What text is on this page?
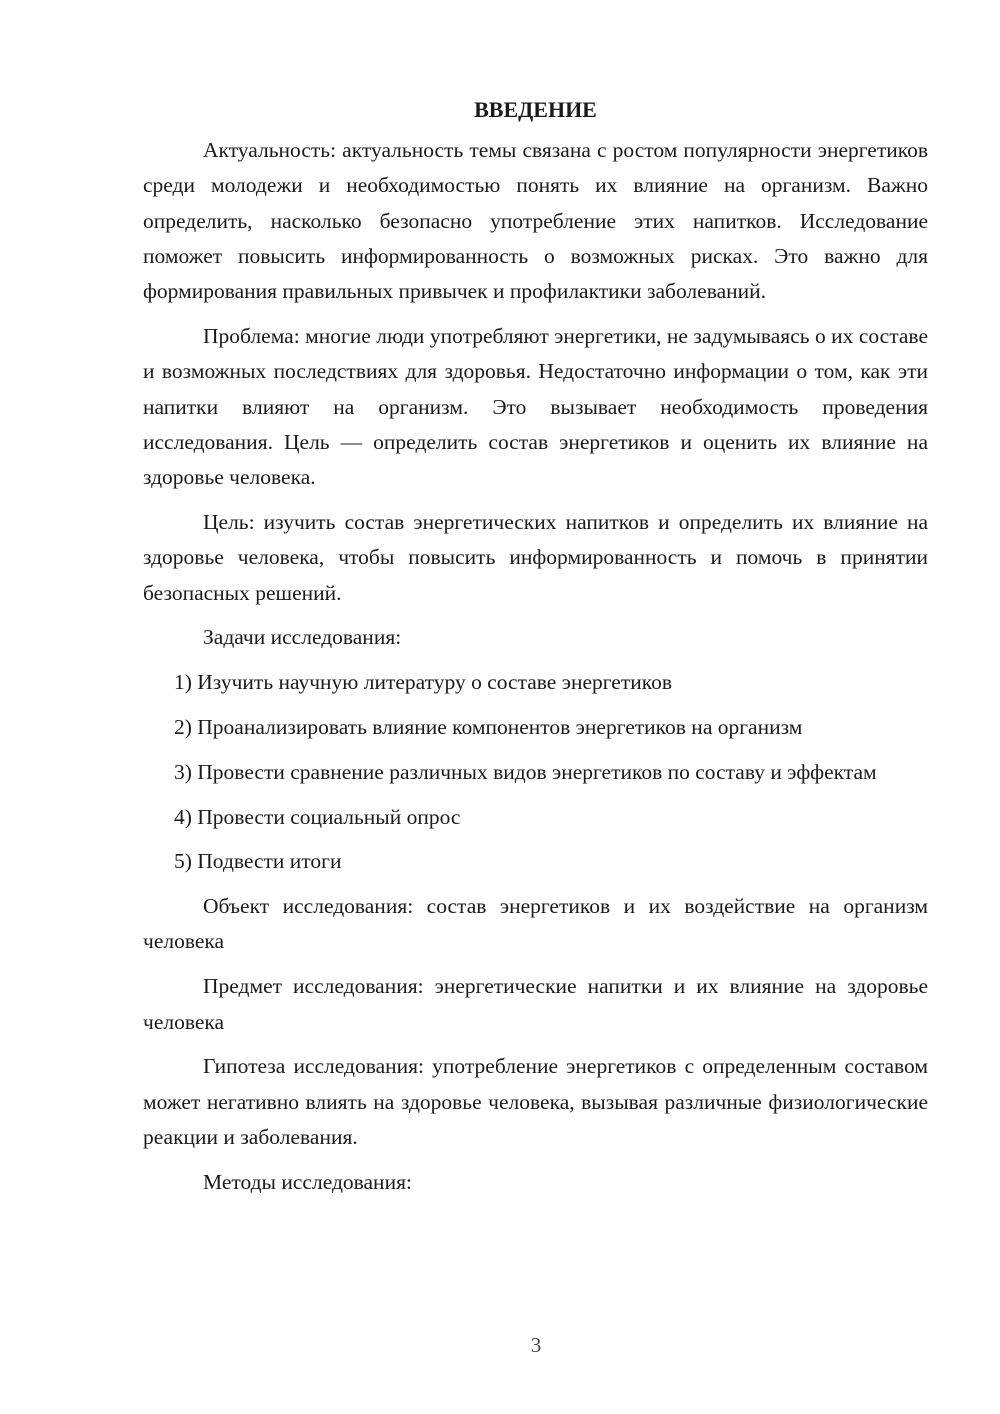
ВВЕДЕНИЕ

Актуальность: актуальность темы связана с ростом популярности энергетиков среди молодежи и необходимостью понять их влияние на организм. Важно определить, насколько безопасно употребление этих напитков. Исследование поможет повысить информированность о возможных рисках. Это важно для формирования правильных привычек и профилактики заболеваний.

Проблема: многие люди употребляют энергетики, не задумываясь о их составе и возможных последствиях для здоровья. Недостаточно информации о том, как эти напитки влияют на организм. Это вызывает необходимость проведения исследования. Цель — определить состав энергетиков и оценить их влияние на здоровье человека.

Цель: изучить состав энергетических напитков и определить их влияние на здоровье человека, чтобы повысить информированность и помочь в принятии безопасных решений.

Задачи исследования:

1) Изучить научную литературу о составе энергетиков

2) Проанализировать влияние компонентов энергетиков на организм

3) Провести сравнение различных видов энергетиков по составу и эффектам

4) Провести социальный опрос

5) Подвести итоги

Объект исследования: состав энергетиков и их воздействие на организм человека

Предмет исследования: энергетические напитки и их влияние на здоровье человека

Гипотеза исследования: употребление энергетиков с определенным составом может негативно влиять на здоровье человека, вызывая различные физиологические реакции и заболевания.

Методы исследования:

3
